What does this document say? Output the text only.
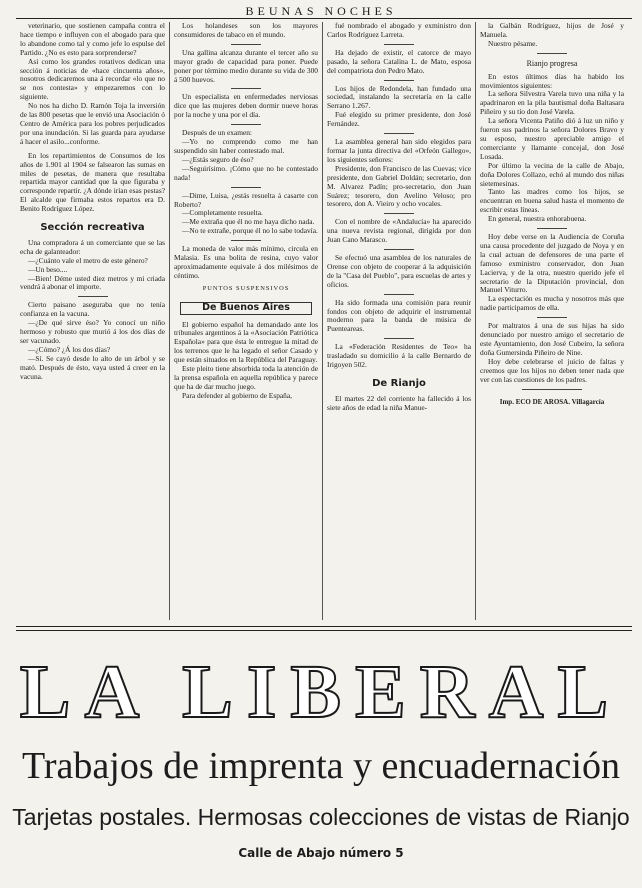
BEUNAS NOCHES

veterinario, que sostienen campaña contra el hace tiempo e influyen con el abogado para que lo abandone como tal y como jefe lo espulse del Partido. ¿No es esto para sorprenderse?

Así como los grandes rotativos dedican una sección á noticias de «hace cincuenta años», nosotros dedicaremos una á recordar «lo que no se nos contesta» y empezaremos con lo siguiente.

No nos ha dicho D. Ramón Toja la inversión de las 800 pesetas que le envió una Asociación ó Centro de América para los pobres perjudicados por una inundación. Si las guarda para ayudarse á hacer el asilo...conforme.

En los repartimientos de Consumos de los años de 1.901 al 1904 se falsearon las sumas en miles de pesetas, de manera que resultaba repartida mayor cantidad que la que figuraba y corresponde repartir. ¿A dónde irían esas pestas? El alcalde que firmaba estos repartos era D. Benito Rodríguez López.

Sección recreativa

Una compradora á un comerciante que se las echa de galanteador:

—¿Cuánto vale el metro de este género?

—Un beso....

—Bien! Déme usted diez metros y mi criada vendrá á abonar el importe.

Cierto paisano aseguraba que no tenía confianza en la vacuna.

—¿De qué sirve éso? Yo conocí un niño hermoso y robusto que murió á los dos días de ser vacunado.

—¿Cómo? ¿Á los dos días?

—Sí. Se cayó desde lo alto de un árbol y se mató. Después de ésto, vaya usted á creer en la vacuna.

Los holandeses son los mayores consumidores de tabaco en el mundo.

Una gallina alcanza durante el tercer año su mayor grado de capacidad para poner. Puede poner por término medio durante su vida de 300 á 500 huevos.

Un especialista en enfermedades nerviosas dice que las mujeres deben dormir nueve horas por la noche y una por el día.

Después de un examen:

—Yo no comprendo como me han suspendido sin haber contestado mal.

—¿Estás seguro de éso?

—Seguirísimo. ¡Cómo que no he contestado nada!

—Dime, Luisa, ¿estás resuelta á casarte con Roberto?

—Completamente resuelta.

—Me extraña que él no me haya dicho nada.

—No te extrañe, porque él no lo sabe todavía.

La moneda de valor más mínimo, circula en Malasia. Es una bolita de resina, cuyo valor aproximadamente equivale á dos milésimos de céntimo.

PUNTOS SUSPENSIVOS
De Buenos Aires

El gobierno español ha demandado ante los tribunales argentinos á la «Asociación Patriótica Española» para que ésta le entregue la mitad de los terrenos que le ha legado el señor Casado y que están situados en la República del Paraguay.

Este pleito tiene absorbida toda la atención de la prensa española en aquella república y parece que ha de dar mucho juego.

Para defender al gobierno de España,

fué nombrado el abogado y exministro don Carlos Rodríguez Larreta.

Ha dejado de existir, el catorce de mayo pasado, la señora Catalina L. de Mato, esposa del compatriota don Pedro Mato.

Los hijos de Redondela, han fundado una sociedad, instalando la secretaría en la calle Serrano 1.267.

Fué elegido su primer presidente, don José Fernández.

La asamblea general han sido elegidos para formar la junta directiva del «Orfeón Gallego», los siguientes señores:

Presidente, don Francisco de las Cuevas; vice presidente, don Gabriel Doldán; secretario, don M. Alvarez Padín; pro-secretario, don Juan Suárez; tesorero, don Avelino Veloso; pro tesorero, don A. Vieiro y ocho vocales.

Con el nombre de «Andalucía» ha aparecido una nueva revista regional, dirigida por don Juan Cano Marasco.

Se efectuó una asamblea de los naturales de Orense con objeto de cooperar á la adquisición de la "Casa del Pueblo", para escuelas de artes y oficios.

Ha sido formada una comisión para reunir fondos con objeto de adquirir el instrumental moderno para la banda de música de Puenteareas.

La «Federación Residentes de Teo» ha trasladado su domicilio á la calle Bernardo de Irigoyen 502.

De Rianjo

El martes 22 del corriente ha fallecido á los siete años de edad la niña Manue-

la Galbán Rodríguez, hijos de José y Manuela.

Nuestro pésame.

Rianjo progresa

En estos últimos días ha habido los movimientos siguientes:

La señora Silvestra Varela tuvo una niña y la apadrinaron en la pila bautismal doña Baltasara Piñeiro y su tío don José Varela.

La señora Vicenta Patiño dió á luz un niño y fueron sus padrinos la señora Dolores Bravo y su esposo, nuestro apreciable amigo el comerciante y llamante concejal, don José Losada.

Por último la vecina de la calle de Abajo, doña Dolores Collazo, echó al mundo dos niñas sietemesinas.

Tanto las madres como los hijos, se encuentran en buena salud hasta el momento de escribir estas líneas.

En general, nuestra enhorabuena.

Hoy debe verse en la Audiencia de Coruña una causa procedente del juzgado de Noya y en la cual actuan de defensores de una parte el famoso exministro conservador, don Juan Lacierva, y de la otra, nuestro querido jefe el secretario de la Diputación provincial, don Manuel Viturro.

La espectación es mucha y nosotros más que nadie participamos de ella.

Por maltratos á una de sus hijas ha sido denunciado por nuestro amigo el secretario de este Ayuntamiento, don José Cubeiro, la señora doña Gumersinda Piñeiro de Nine.

Hoy debe celebrarse el juicio de faltas y creemos que los hijos no deben tener nada que ver con las cuestiones de los padres.

Imp. ECO DE AROSA. Villagarcía
LA LIBERAL
Trabajos de imprenta y encuadernación
Tarjetas postales. Hermosas colecciones de vistas de Rianjo
Calle de Abajo número 5
